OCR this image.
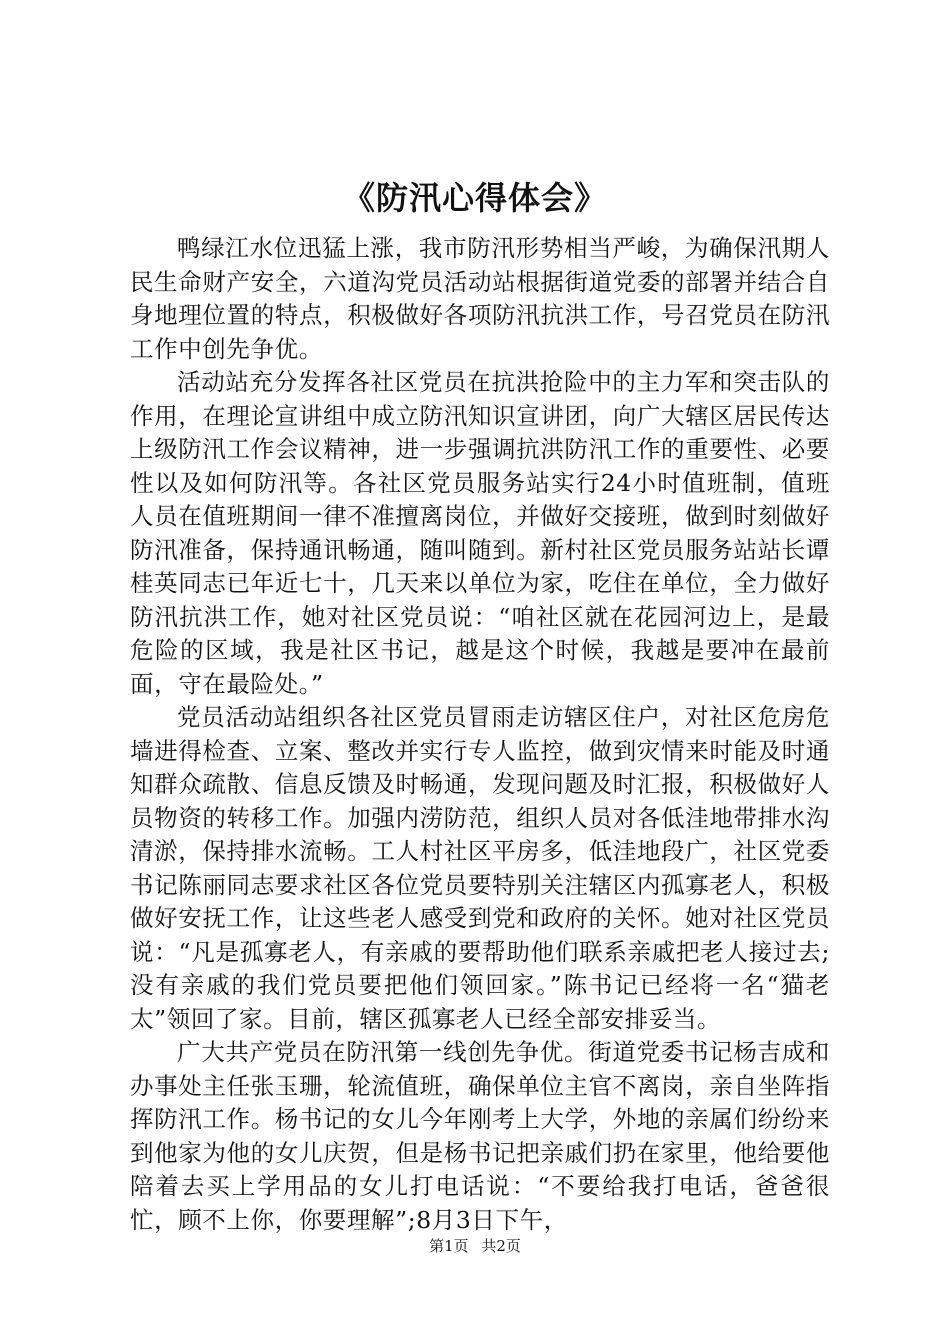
《防汛心得体会》

鸭绿江水位迅猛上涨，我市防汛形势相当严峻，为确保汛期人民生命财产安全，六道沟党员活动站根据街道党委的部署并结合自身地理位置的特点，积极做好各项防汛抗洪工作，号召党员在防汛工作中创先争优。

活动站充分发挥各社区党员在抗洪抢险中的主力军和突击队的作用，在理论宣讲组中成立防汛知识宣讲团，向广大辖区居民传达上级防汛工作会议精神，进一步强调抗洪防汛工作的重要性、必要性以及如何防汛等。各社区党员服务站实行24小时值班制，值班人员在值班期间一律不准擅离岗位，并做好交接班，做到时刻做好防汛准备，保持通讯畅通，随叫随到。新村社区党员服务站站长谭桂英同志已年近七十，几天来以单位为家，吃住在单位，全力做好防汛抗洪工作，她对社区党员说：“咱社区就在花园河边上，是最危险的区域，我是社区书记，越是这个时候，我越是要冲在最前面，守在最险处。”

党员活动站组织各社区党员冒雨走访辖区住户，对社区危房危墙进得检查、立案、整改并实行专人监控，做到灾情来时能及时通知群众疏散、信息反馈及时畅通，发现问题及时汇报，积极做好人员物资的转移工作。加强内涝防范，组织人员对各低洼地带排水沟清淤，保持排水流畅。工人村社区平房多，低洼地段广，社区党委书记陈丽同志要求社区各位党员要特别关注辖区内孤寡老人，积极做好安抚工作，让这些老人感受到党和政府的关怀。她对社区党员说：“凡是孤寡老人，有亲戚的要帮助他们联系亲戚把老人接过去;没有亲戚的我们党员要把他们领回家。”陈书记已经将一名“猫老太”领回了家。目前，辖区孤寡老人已经全部安排妥当。

广大共产党员在防汛第一线创先争优。街道党委书记杨吉成和办事处主任张玉珊，轮流值班，确保单位主官不离岗，亲自坐阵指挥防汛工作。杨书记的女儿今年刚考上大学，外地的亲属们纷纷来到他家为他的女儿庆贺，但是杨书记把亲戚们扔在家里，他给要他陪着去买上学用品的女儿打电话说：“不要给我打电话，爸爸很忙，顾不上你，你要理解”;8月3日下午，

第1页 共2页
